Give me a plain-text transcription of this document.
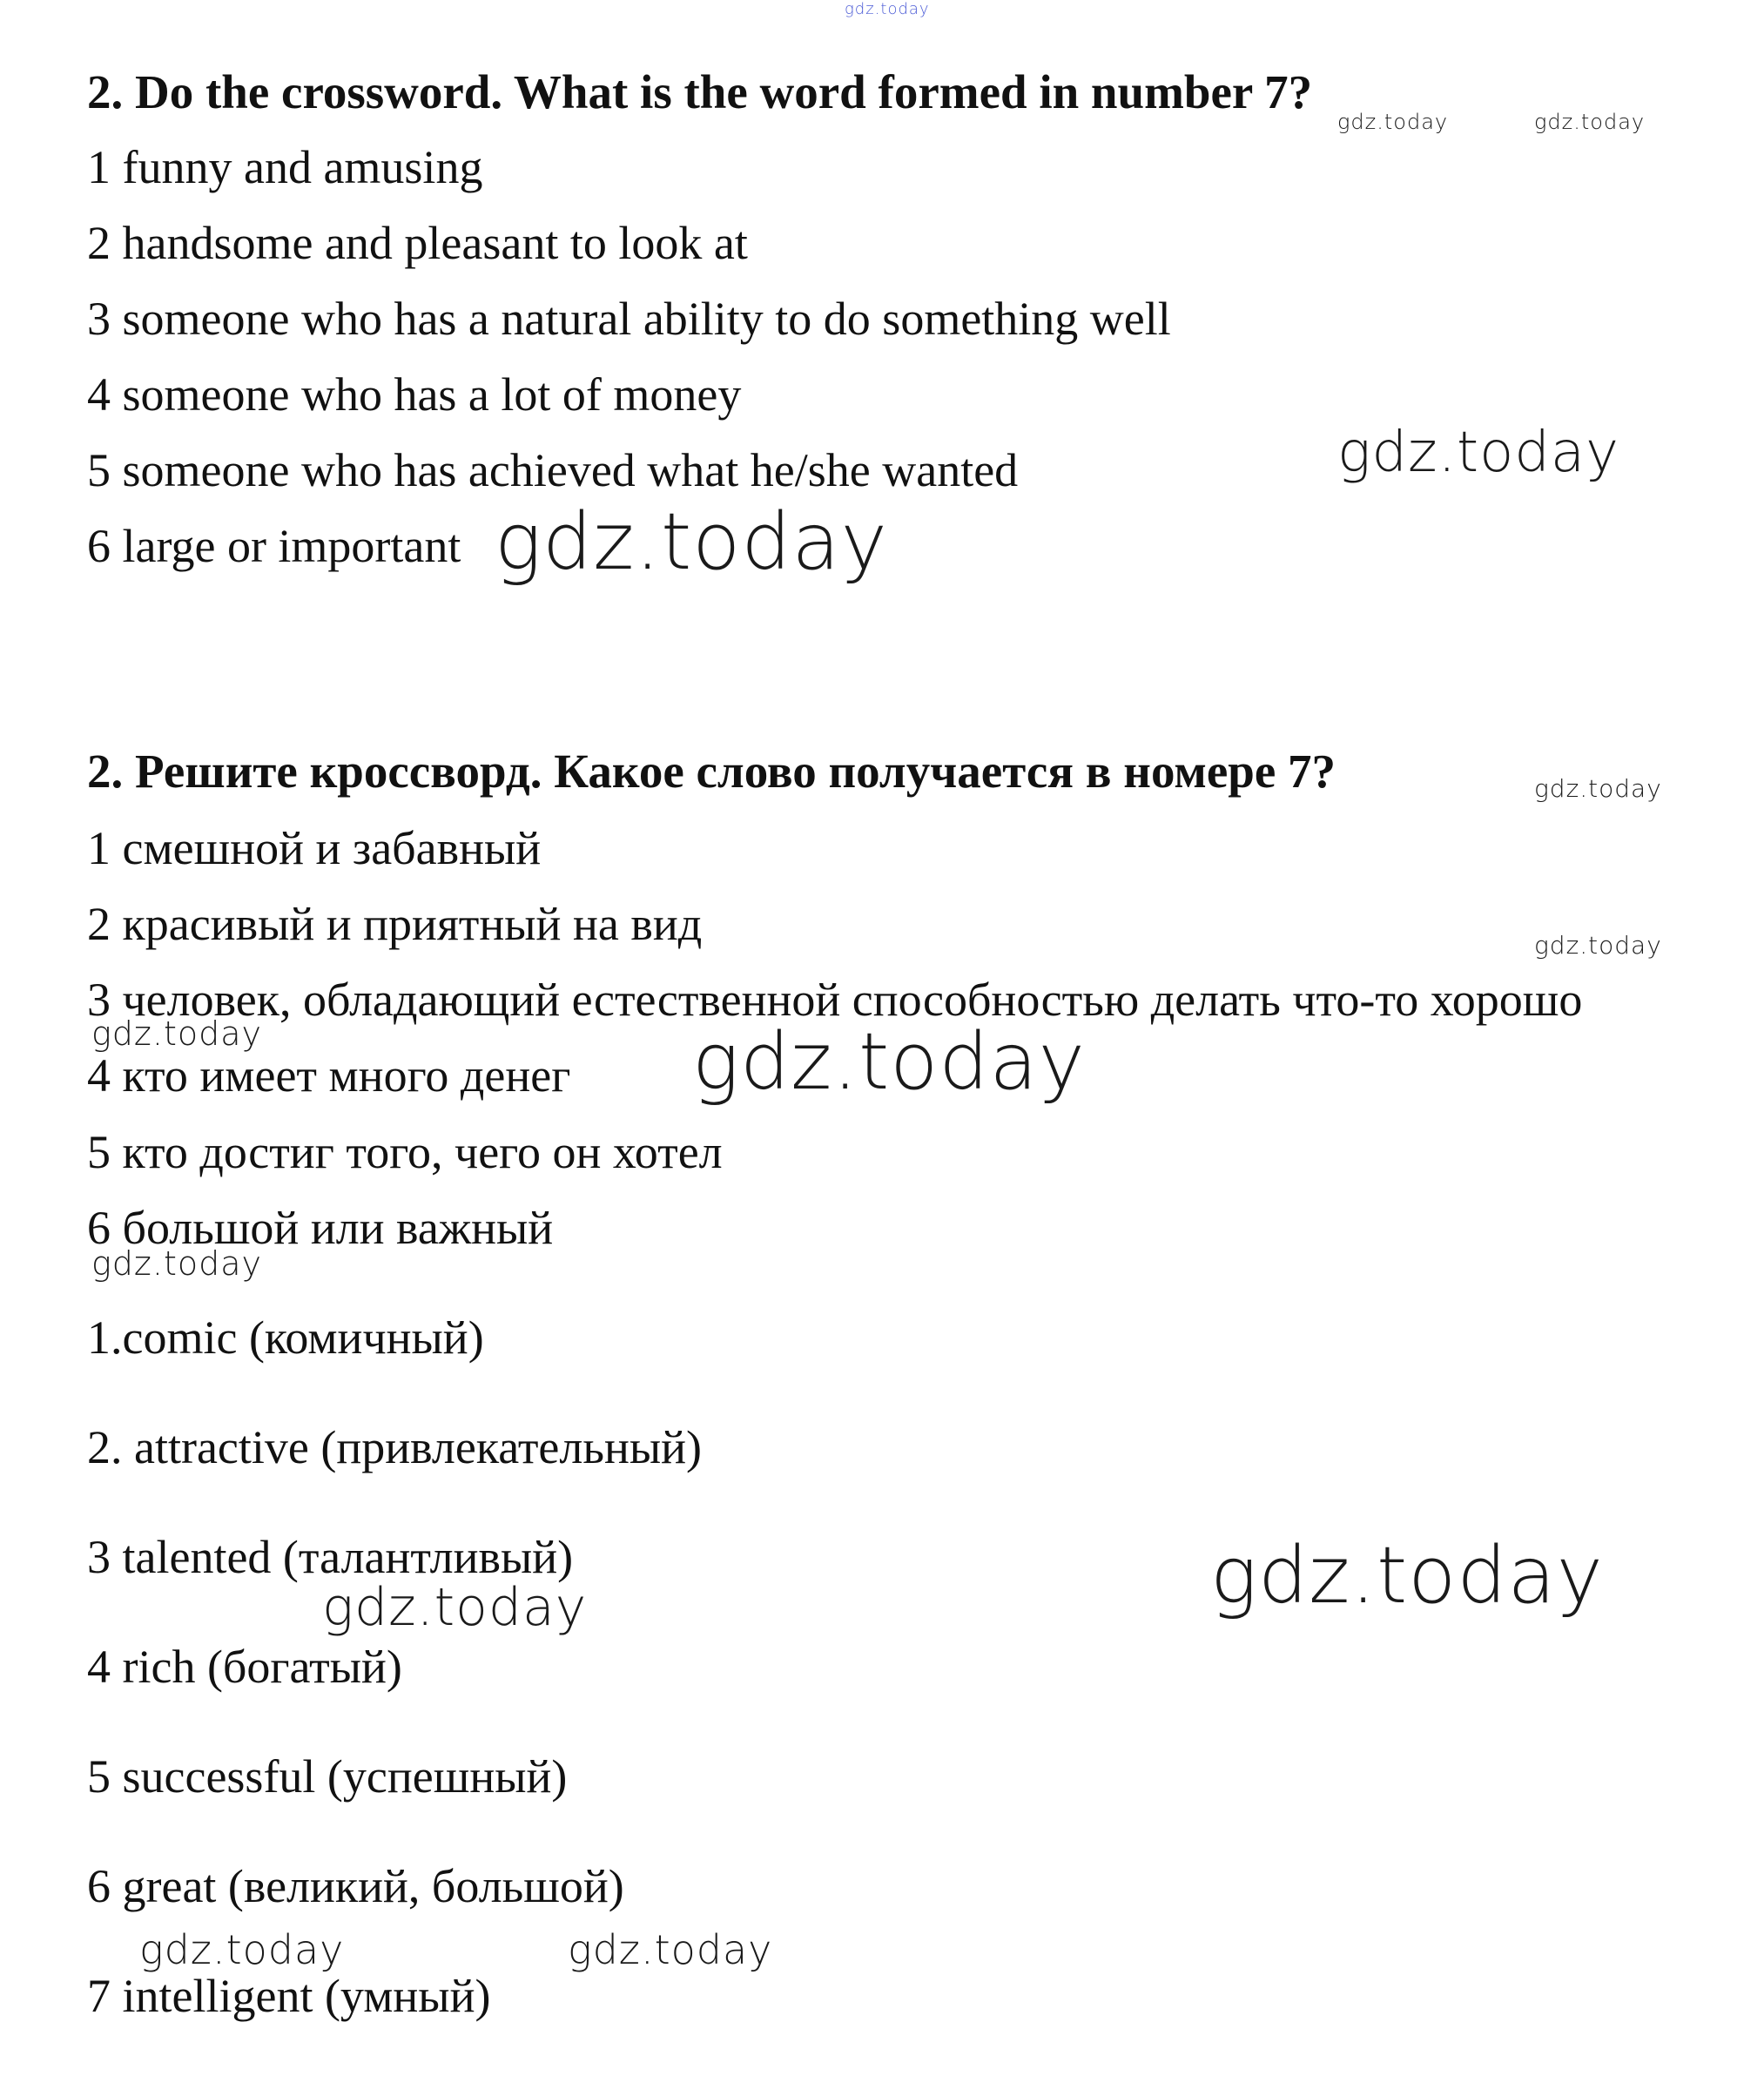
2. Do the crossword. What is the word formed in number 7?

1 funny and amusing

2 handsome and pleasant to look at

3 someone who has a natural ability to do something well

4 someone who has a lot of money

5 someone who has achieved what he/she wanted

6 large or important

2. Решите кроссворд. Какое слово получается в номере 7?

1 смешной и забавный

2 красивый и приятный на вид

3 человек, обладающий естественной способностью делать что-то хорошо

4 кто имеет много денег

5 кто достиг того, чего он хотел

6 большой или важный

1.comic (комичный)

2. attractive (привлекательный)

3 talented (талантливый)

4 rich (богатый)

5 successful (успешный)

6 great (великий, большой)

7 intelligent (умный)

gdz.today

gdz.today	gdz.today

gdz.today

gdz.today

gdz.today

gdz.today

gdz.today	gdz.today

gdz.today

gdz.today

gdz.today

gdz.today	gdz.today
